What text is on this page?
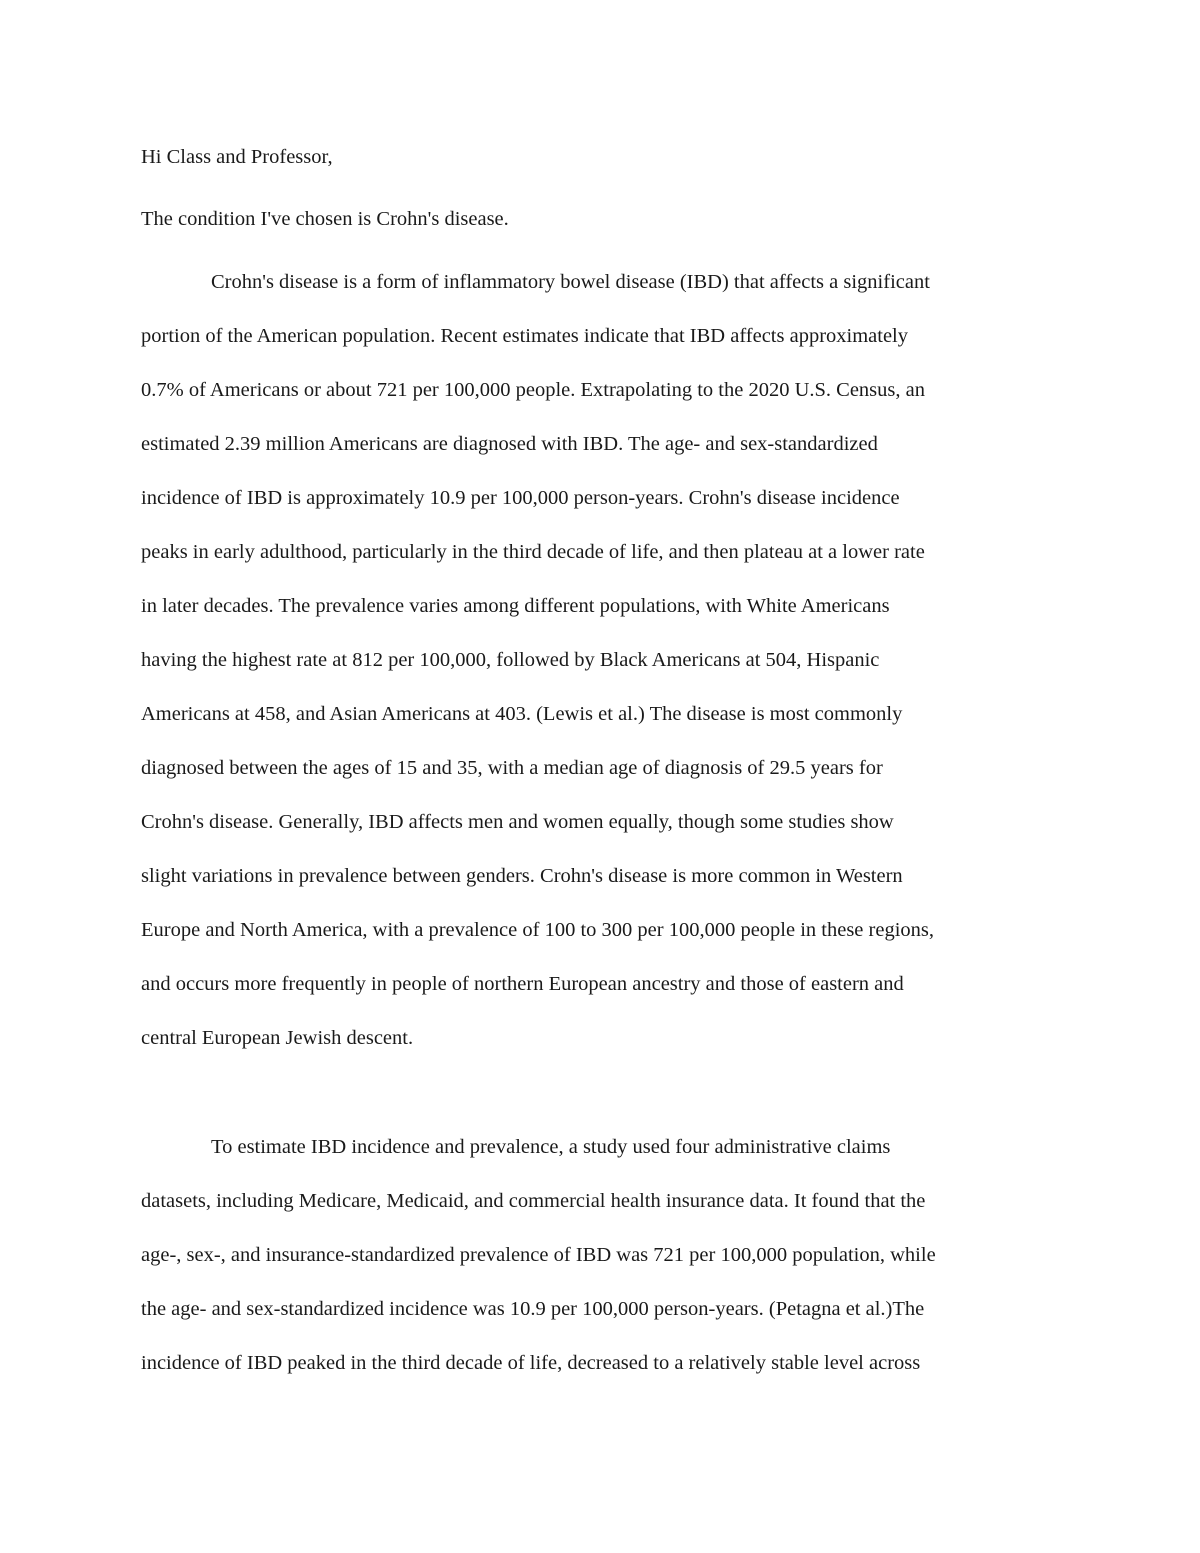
Hi Class and Professor,
The condition I've chosen is Crohn's disease.
Crohn's disease is a form of inflammatory bowel disease (IBD) that affects a significant
portion of the American population. Recent estimates indicate that IBD affects approximately
0.7% of Americans or about 721 per 100,000 people. Extrapolating to the 2020 U.S. Census, an
estimated 2.39 million Americans are diagnosed with IBD. The age- and sex-standardized
incidence of IBD is approximately 10.9 per 100,000 person-years. Crohn's disease incidence
peaks in early adulthood, particularly in the third decade of life, and then plateau at a lower rate
in later decades. The prevalence varies among different populations, with White Americans
having the highest rate at 812 per 100,000, followed by Black Americans at 504, Hispanic
Americans at 458, and Asian Americans at 403. (Lewis et al.) The disease is most commonly
diagnosed between the ages of 15 and 35, with a median age of diagnosis of 29.5 years for
Crohn's disease. Generally, IBD affects men and women equally, though some studies show
slight variations in prevalence between genders. Crohn's disease is more common in Western
Europe and North America, with a prevalence of 100 to 300 per 100,000 people in these regions,
and occurs more frequently in people of northern European ancestry and those of eastern and
central European Jewish descent.
To estimate IBD incidence and prevalence, a study used four administrative claims
datasets, including Medicare, Medicaid, and commercial health insurance data. It found that the
age-, sex-, and insurance-standardized prevalence of IBD was 721 per 100,000 population, while
the age- and sex-standardized incidence was 10.9 per 100,000 person-years. (Petagna et al.)The
incidence of IBD peaked in the third decade of life, decreased to a relatively stable level across
